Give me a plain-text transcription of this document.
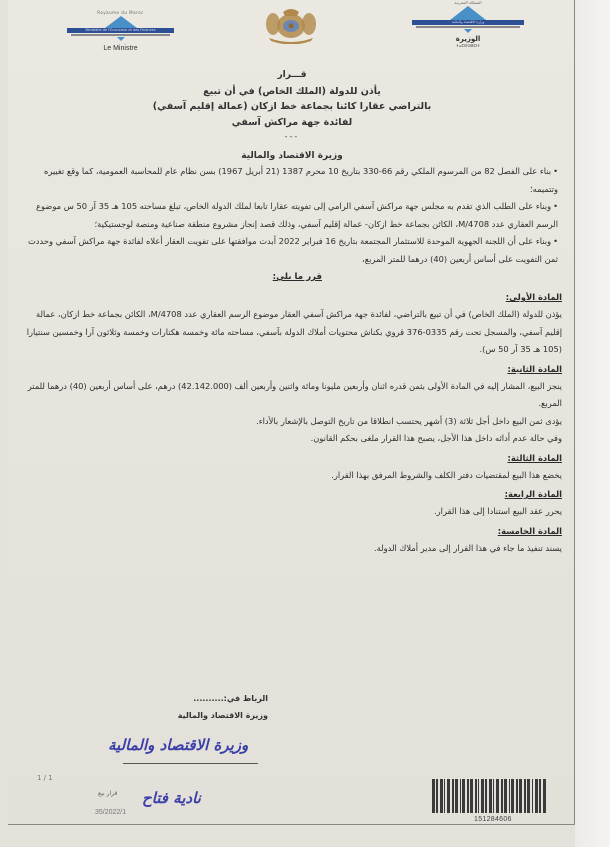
Royaume du Maroc
Ministère de l'Economie et des Finances
Le Ministre
المملكة المغربية
وزارة الاقتصاد والمالية
الوزيرة
ⵜⴰⵎⵙⵙⵓⵔⵜ
قـــرار
يأذن للدولة (الملك الخاص) في أن تبيع
بالتراضي عقارا كائنا بجماعة خط ازكان (عمالة إقليم آسفي)
لفائدة جهة مراكش آسفي
---
وزيرة الاقتصاد والمالية
• بناء على الفصل 82 من المرسوم الملكي رقم 66-330 بتاريخ 10 محرم 1387 (21 أبريل 1967) بسن نظام عام للمحاسبة العمومية، كما وقع تغييره وتتميمه؛
• وبناء على الطلب الذي تقدم به مجلس جهة مراكش آسفي الرامي إلى تفويته عقارا تابعا لملك الدولة الخاص، تبلغ مساحته 105 هـ 35 آر 50 س موضوع الرسم العقاري عدد M/4708، الكائن بجماعة خط ازكان- عمالة إقليم آسفي، وذلك قصد إنجاز مشروع منطقة صناعية ومنصة لوجستيكية؛
• وبناء على أن اللجنة الجهوية الموحدة للاستثمار المجتمعة بتاريخ 16 فبراير 2022 أبدت موافقتها على تفويت العقار أعلاه لفائدة جهة مراكش آسفي وحددت ثمن التفويت على أساس أربعين (40) درهما للمتر المربع،
قرر ما يلي:
المادة الأولى:
يؤذن للدولة (الملك الخاص) في أن تبيع بالتراضي، لفائدة جهة مراكش آسفي العقار موضوع الرسم العقاري عدد M/4708، الكائن بجماعة خط ازكان، عمالة إقليم آسفي، والمسجل تحت رقم 0335-376 قروي بكناش محتويات أملاك الدولة بآسفي، مساحته مائة وخمسة هكتارات وخمسة وثلاثون آرا وخمسين سنتيارا (105 هـ 35 آر 50 س).
المادة الثانية:
ينجز البيع، المشار إليه في المادة الأولى بثمن قدره اثنان وأربعين مليونا ومائة واثنين وأربعين ألف (42.142.000) درهم، على أساس أربعين (40) درهما للمتر المربع.
يؤدى ثمن البيع داخل أجل ثلاثة (3) أشهر يحتسب انطلاقا من تاريخ التوصل بالإشعار بالأداء.
وفي حالة عدم أدائه داخل هذا الأجل، يصبح هذا القرار ملغى بحكم القانون.
المادة الثالثة:
يخضع هذا البيع لمقتضيات دفتر الكلف والشروط المرفق بهذا القرار.
المادة الرابعة:
يحرر عقد البيع استنادا إلى هذا القرار.
المادة الخامسة:
يسند تنفيذ ما جاء في هذا القرار إلى مدير أملاك الدولة.
الرباط في:..........
وزيرة الاقتصاد والمالية
وزيرة الاقتصاد والمالية
نادية فتاح
1 / 1
قرار بيع
35/2022/1
151284606
